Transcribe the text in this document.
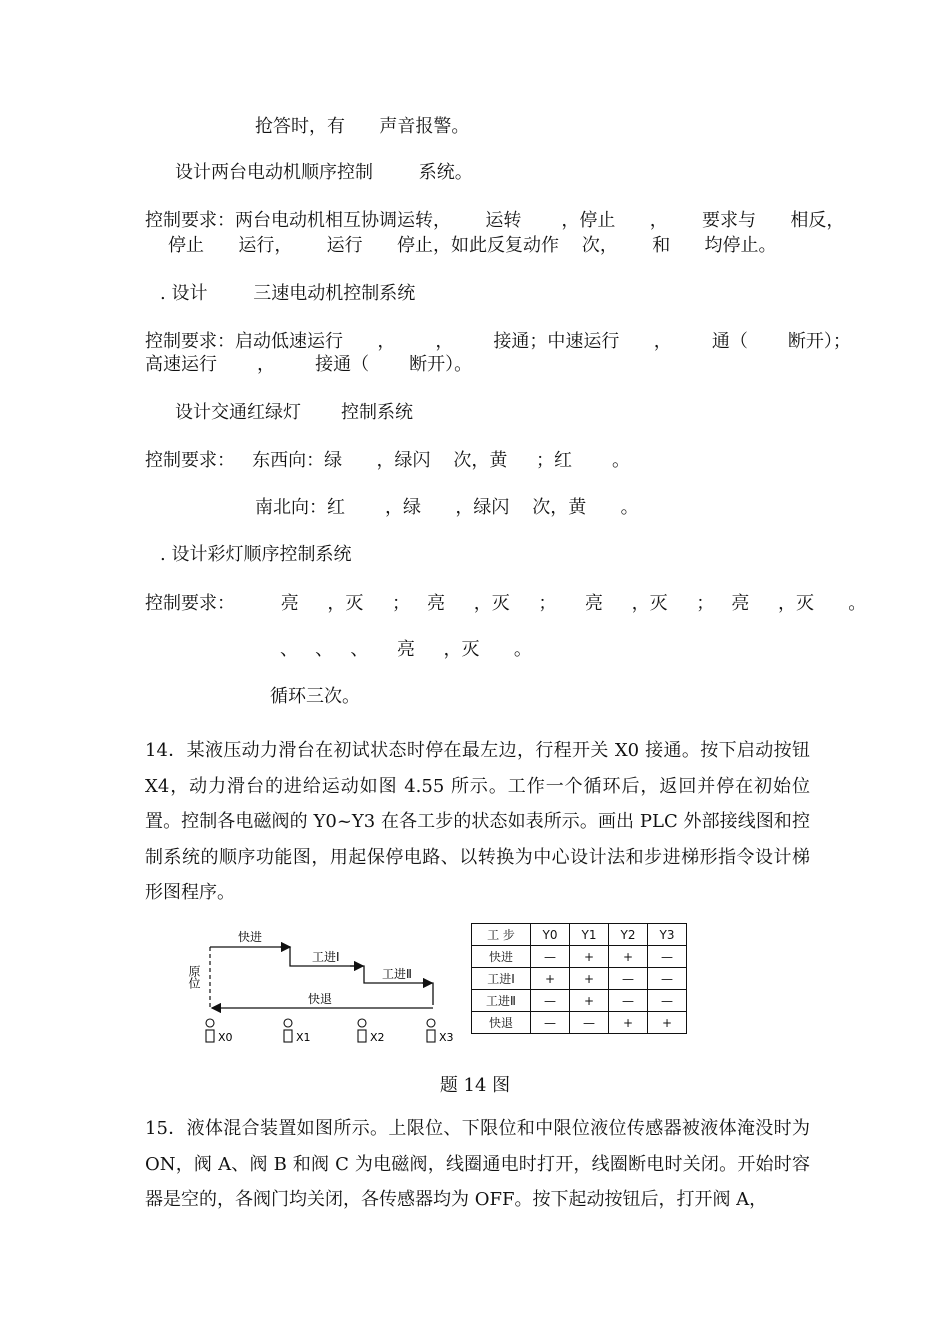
抢答时，有      声音报警。
设计两台电动机顺序控制        系统。
控制要求：两台电动机相互协调运转，      运转       ，停止      ，      要求与      相反，
停止      运行，      运行      停止，如此反复动作    次，      和      均停止。
. 设计        三速电动机控制系统
控制要求：启动低速运行      ，       ，       接通；中速运行      ，       通（       断开）；
高速运行       ，       接通（       断开）。
设计交通红绿灯       控制系统
控制要求：   东西向：绿      ，绿闪    次，黄     ；红       。
南北向：红       ，绿      ，绿闪    次，黄      。
. 设计彩灯顺序控制系统
控制要求：        亮     ，灭     ；   亮     ，灭     ；     亮     ，灭     ；   亮     ，灭      。
、   、   、     亮     ，灭      。
循环三次。
14．某液压动力滑台在初试状态时停在最左边，行程开关 X0 接通。按下启动按钮 X4，动力滑台的进给运动如图 4.55 所示。工作一个循环后，返回并停在初始位置。控制各电磁阀的 Y0~Y3 在各工步的状态如表所示。画出 PLC 外部接线图和控制系统的顺序功能图，用起保停电路、以转换为中心设计法和步进梯形指令设计梯形图程序。
快进
工进Ⅰ
工进Ⅱ
快退
原位
X0	X1	X2	X3
工 步	Y0	Y1	Y2	Y3
快进	—	+	+	—
工进Ⅰ	+	+	—	—
工进Ⅱ	—	+	—	—
快退	—	—	+	+
题 14 图
15．液体混合装置如图所示。上限位、下限位和中限位液位传感器被液体淹没时为 ON，阀 A、阀 B 和阀 C 为电磁阀，线圈通电时打开，线圈断电时关闭。开始时容器是空的，各阀门均关闭，各传感器均为 OFF。按下起动按钮后，打开阀 A，
